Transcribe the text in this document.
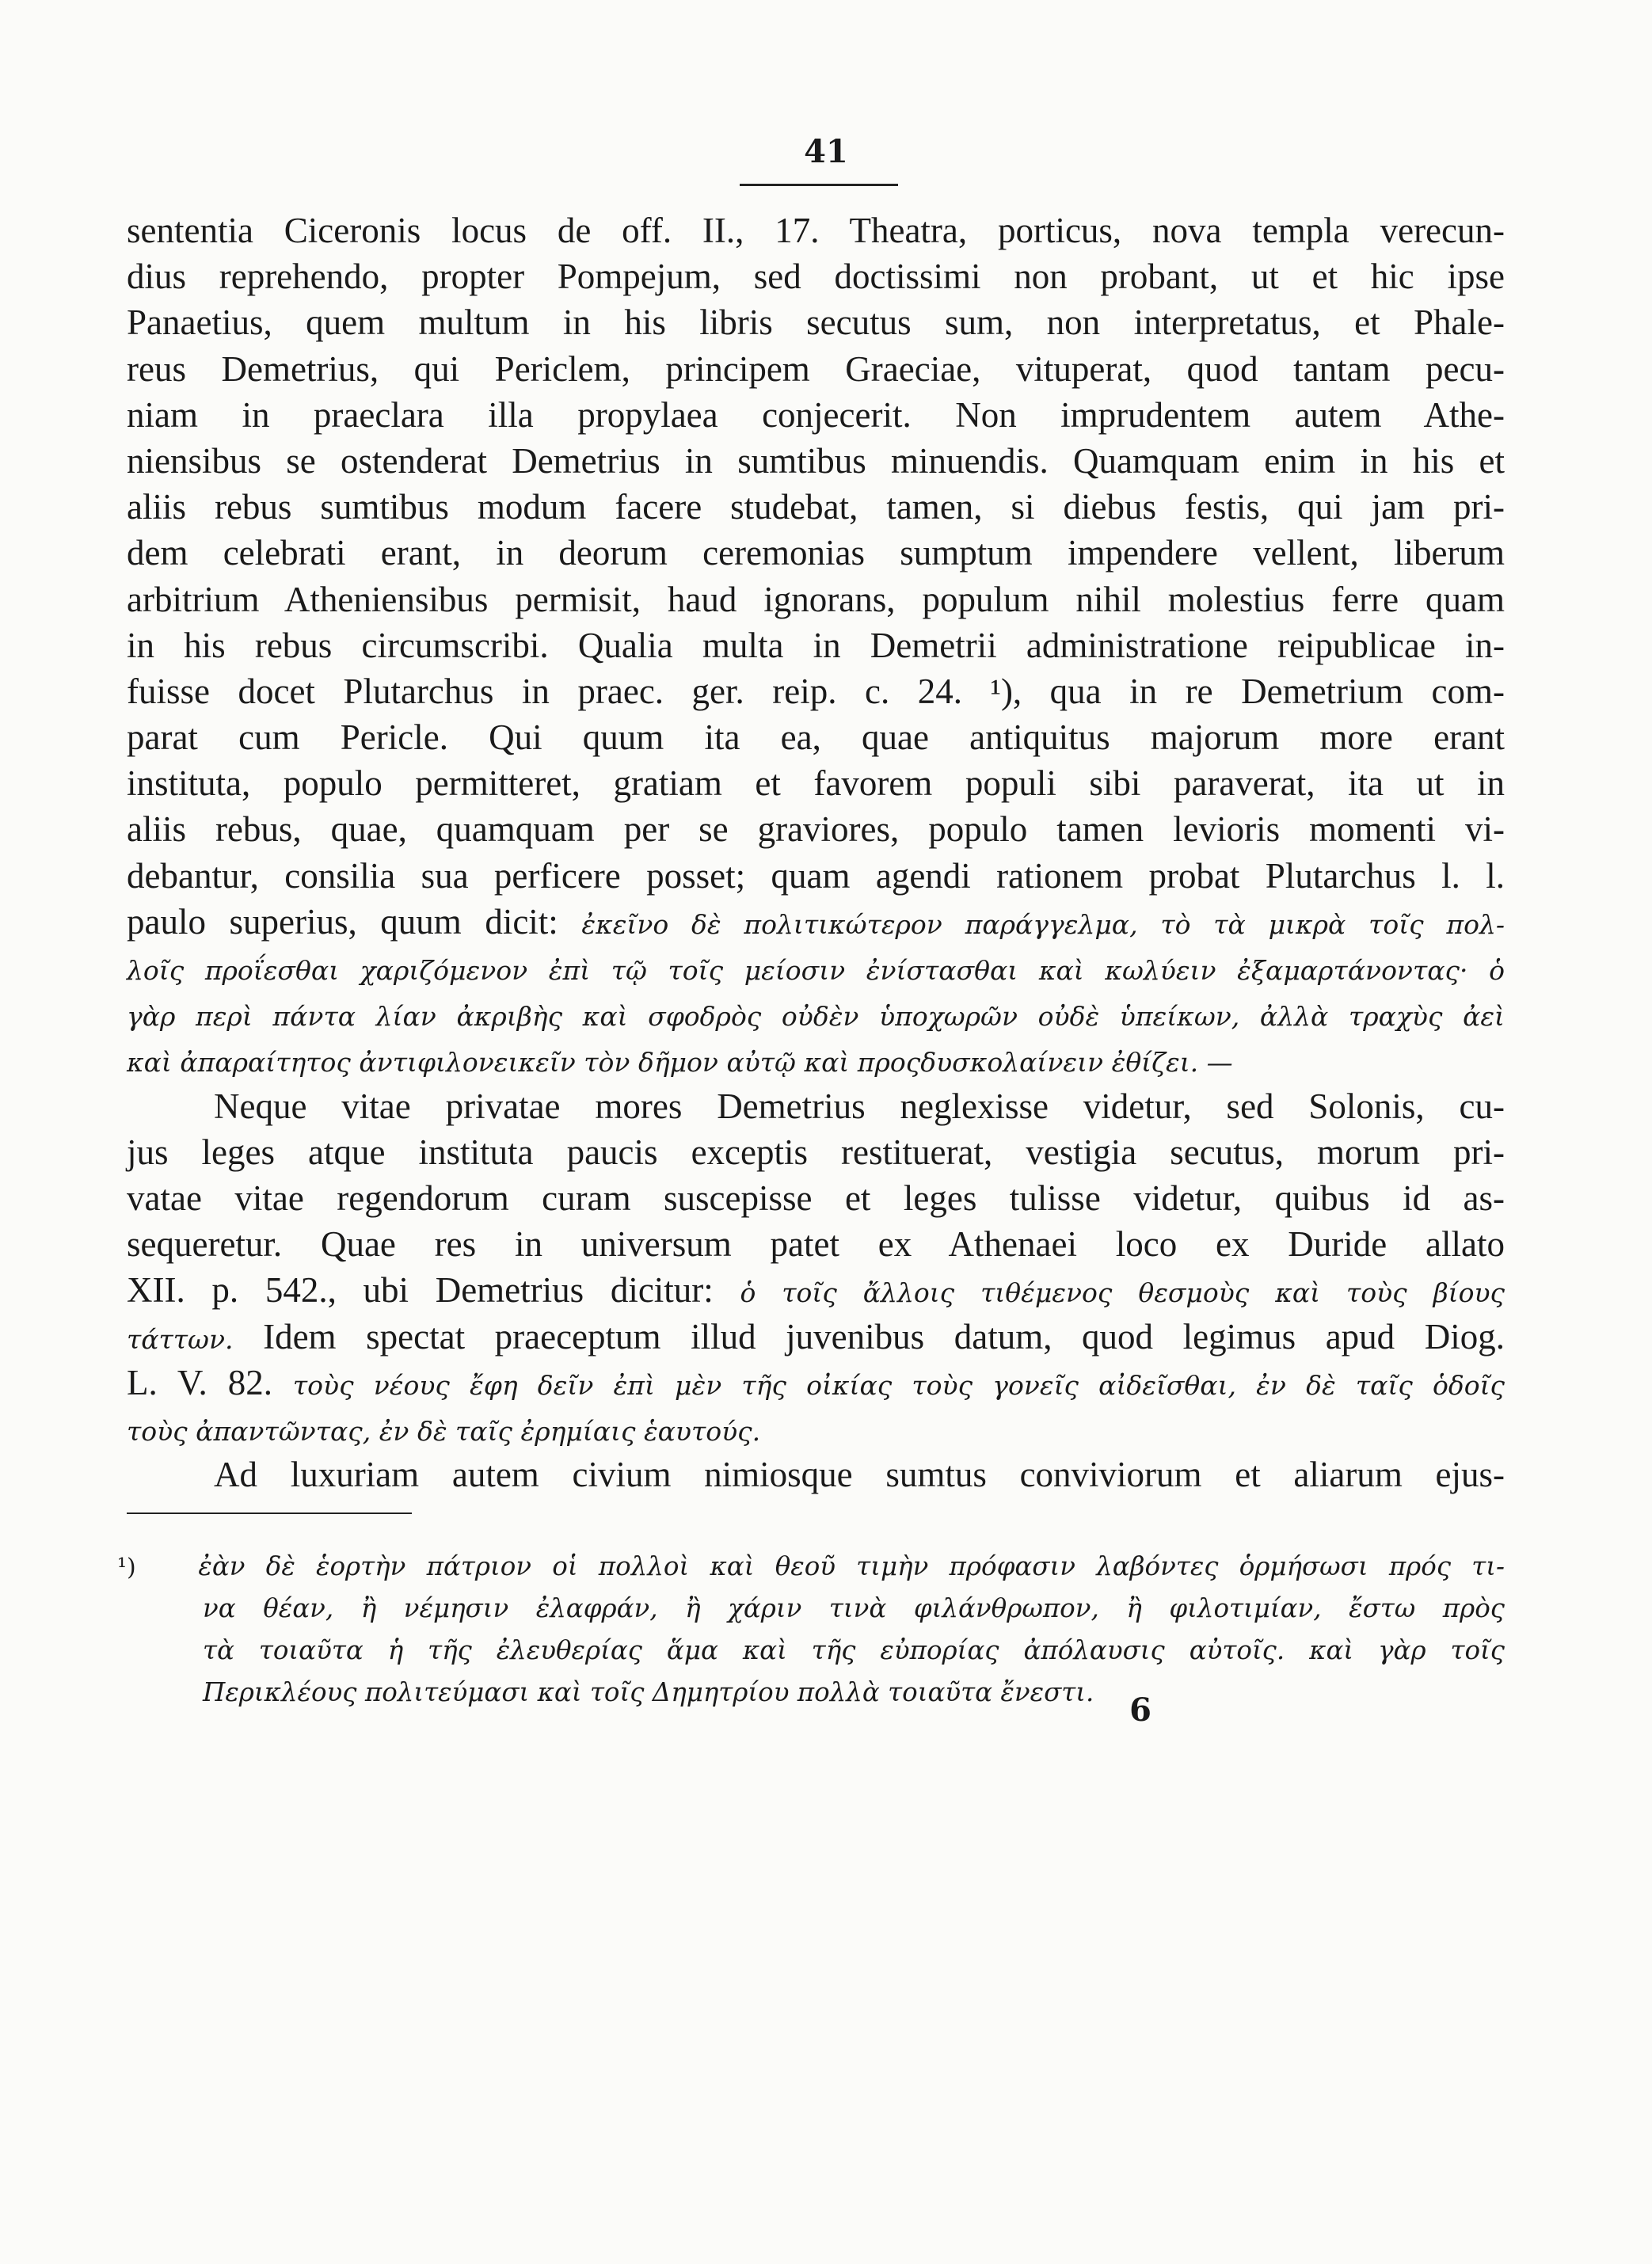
41
sententia Ciceronis locus de off. II., 17. Theatra, porticus, nova templa verecun-
dius reprehendo, propter Pompejum, sed doctissimi non probant, ut et hic ipse
Panaetius, quem multum in his libris secutus sum, non interpretatus, et Phale-
reus Demetrius, qui Periclem, principem Graeciae, vituperat, quod tantam pecu-
niam in praeclara illa propylaea conjecerit. Non imprudentem autem Athe-
niensibus se ostenderat Demetrius in sumtibus minuendis. Quamquam enim in his et
aliis rebus sumtibus modum facere studebat, tamen, si diebus festis, qui jam pri-
dem celebrati erant, in deorum ceremonias sumptum impendere vellent, liberum
arbitrium Atheniensibus permisit, haud ignorans, populum nihil molestius ferre quam
in his rebus circumscribi. Qualia multa in Demetrii administratione reipublicae in-
fuisse docet Plutarchus in praec. ger. reip. c. 24. ¹), qua in re Demetrium com-
parat cum Pericle. Qui quum ita ea, quae antiquitus majorum more erant
instituta, populo permitteret, gratiam et favorem populi sibi paraverat, ita ut in
aliis rebus, quae, quamquam per se graviores, populo tamen levioris momenti vi-
debantur, consilia sua perficere posset; quam agendi rationem probat Plutarchus l. l.
paulo superius, quum dicit: ἐκεῖνο δὲ πολιτικώτερον παράγγελμα, τὸ τὰ μικρὰ τοῖς πολ-
λοῖς προΐεσθαι χαριζόμενον ἐπὶ τῷ τοῖς μείοσιν ἐνίστασθαι καὶ κωλύειν ἐξαμαρτάνοντας· ὁ
γὰρ περὶ πάντα λίαν ἀκριβὴς καὶ σφοδρὸς οὐδὲν ὑποχωρῶν οὐδὲ ὑπείκων, ἀλλὰ τραχὺς ἀεὶ
καὶ ἀπαραίτητος ἀντιφιλονεικεῖν τὸν δῆμον αὐτῷ καὶ προςδυσκολαίνειν ἐθίζει. —
Neque vitae privatae mores Demetrius neglexisse videtur, sed Solonis, cu-
jus leges atque instituta paucis exceptis restituerat, vestigia secutus, morum pri-
vatae vitae regendorum curam suscepisse et leges tulisse videtur, quibus id as-
sequeretur. Quae res in universum patet ex Athenaei loco ex Duride allato
XII. p. 542., ubi Demetrius dicitur: ὁ τοῖς ἄλλοις τιθέμενος θεσμοὺς καὶ τοὺς βίους
τάττων. Idem spectat praeceptum illud juvenibus datum, quod legimus apud Diog.
L. V. 82. τοὺς νέους ἔφη δεῖν ἐπὶ μὲν τῆς οἰκίας τοὺς γονεῖς αἰδεῖσθαι, ἐν δὲ ταῖς ὁδοῖς
τοὺς ἀπαντῶντας, ἐν δὲ ταῖς ἐρημίαις ἑαυτούς.
Ad luxuriam autem civium nimiosque sumtus conviviorum et aliarum ejus-
¹) ἐὰν δὲ ἑορτὴν πάτριον οἱ πολλοὶ καὶ θεοῦ τιμὴν πρόφασιν λαβόντες ὁρμήσωσι πρός τι-
να θέαν, ἢ νέμησιν ἐλαφράν, ἢ χάριν τινὰ φιλάνθρωπον, ἢ φιλοτιμίαν, ἔστω πρὸς
τὰ τοιαῦτα ἡ τῆς ἐλευθερίας ἅμα καὶ τῆς εὐπορίας ἀπόλαυσις αὐτοῖς. καὶ γὰρ τοῖς
Περικλέους πολιτεύμασι καὶ τοῖς Δημητρίου πολλὰ τοιαῦτα ἔνεστι.	6
